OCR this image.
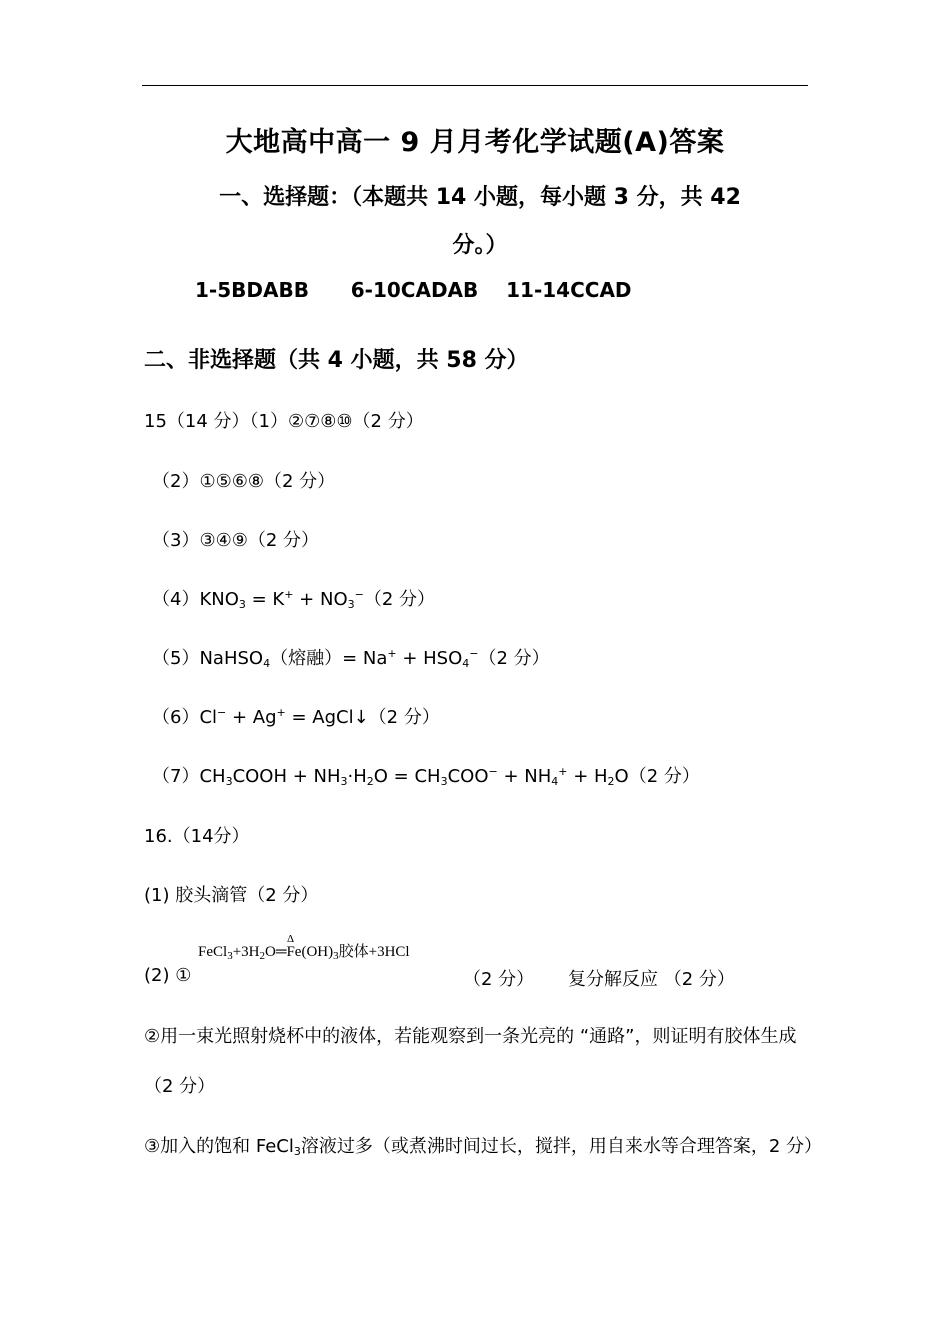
大地高中高一 9 月月考化学试题(A)答案
一、选择题：（本题共 14 小题，每小题 3 分，共 42
分。）
1-5BDABB 6-10CADAB 11-14CCAD
二、非选择题（共 4 小题，共 58 分）
15（14 分）（1）②⑦⑧⑩（2 分）
（2）①⑤⑥⑧（2 分）
（3）③④⑨（2 分）
$(4)KNO_3 = K^+ + NO_3^-(2$ 分）
（5）NaHSO$_4$（熔融）= $Na^+ + HSO_4^-(2$ 分）
（6）Cl− + Ag+ = AgCl↓（2 分）
$(7)CH_3COOH + NH_3\cdot H_2O = CH_3COO^- + NH_4^+ + H_2O(2$ 分）
16.（14分）
(1) 胶头滴管（2 分）
(2) ①
$FeCl_3+3H_2O═$
Δ
$Fe(OH)_3$胶体+3HCl
（2 分） 复分解反应 （2 分）
②用一束光照射烧杯中的液体，若能观察到一条光亮的 “通路”，则证明有胶体生成（2 分）
③加入的饱和 FeCl$_3$溶液过多（或煮沸时间过长，搅拌，用自来水等合理答案，2 分）
